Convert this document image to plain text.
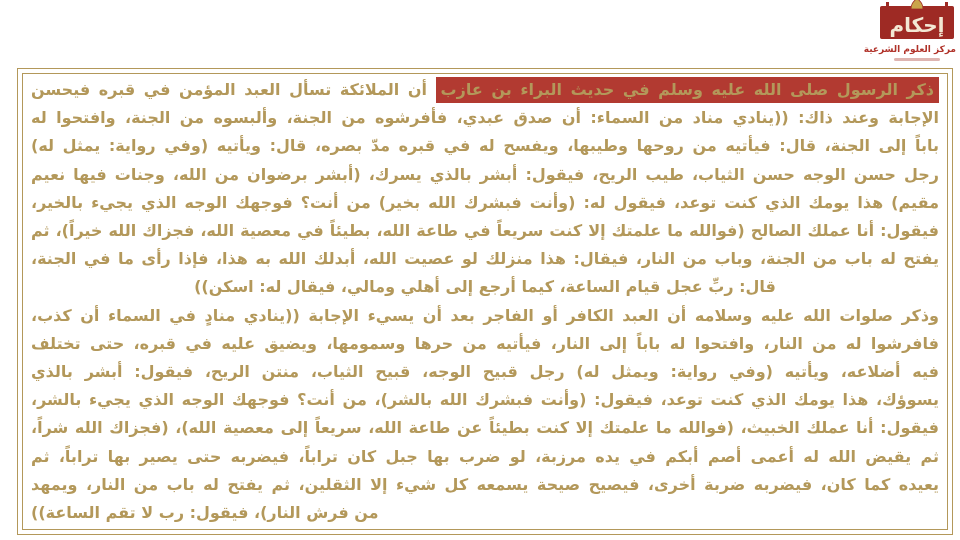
إحكام
مركز العلوم الشرعية
ذكر الرسول صلى الله عليه وسلم في حديث البراء بن عازب أن الملائكة تسأل العبد المؤمن في قبره فيحسن
الإجابة وعند ذاك: ((ينادي مناد من السماء: أن صدق عبدي، فأفرشوه من الجنة، وألبسوه من الجنة، وافتحوا له
باباً إلى الجنة، قال: فيأتيه من روحها وطيبها، ويفسح له في قبره مدّ بصره، قال: ويأتيه (وفي رواية: يمثل له)
رجل حسن الوجه حسن الثياب، طيب الريح، فيقول: أبشر بالذي يسرك، (أبشر برضوان من الله، وجنات فيها نعيم
مقيم) هذا يومك الذي كنت توعد، فيقول له: (وأنت فبشرك الله بخير) من أنت؟ فوجهك الوجه الذي يجيء بالخير،
فيقول: أنا عملك الصالح (فوالله ما علمتك إلا كنت سريعاً في طاعة الله، بطيئاً في معصية الله، فجزاك الله خيراً)، ثم
يفتح له باب من الجنة، وباب من النار، فيقال: هذا منزلك لو عصيت الله، أبدلك الله به هذا، فإذا رأى ما في الجنة،
قال: ربِّ عجل قيام الساعة، كيما أرجع إلى أهلي ومالي، فيقال له: اسكن))
وذكر صلوات الله عليه وسلامه أن العبد الكافر أو الفاجر بعد أن يسيء الإجابة ((ينادي منادٍ في السماء أن كذب،
فافرشوا له من النار، وافتحوا له باباً إلى النار، فيأتيه من حرها وسمومها، ويضيق عليه في قبره، حتى تختلف
فيه أضلاعه، ويأتيه (وفي رواية: ويمثل له) رجل قبيح الوجه، قبيح الثياب، منتن الريح، فيقول: أبشر بالذي
يسوؤك، هذا يومك الذي كنت توعد، فيقول: (وأنت فبشرك الله بالشر)، من أنت؟ فوجهك الوجه الذي يجيء بالشر،
فيقول: أنا عملك الخبيث، (فوالله ما علمتك إلا كنت بطيئاً عن طاعة الله، سريعاً إلى معصية الله)، (فجزاك الله شراً،
ثم يقيض الله له أعمى أصم أبكم في يده مرزبة، لو ضرب بها جبل كان تراباً، فيضربه حتى يصير بها تراباً، ثم
يعيده كما كان، فيضربه ضربة أخرى، فيصيح صيحة يسمعه كل شيء إلا الثقلين، ثم يفتح له باب من النار، ويمهد
من فرش النار)، فيقول: رب لا تقم الساعة))
